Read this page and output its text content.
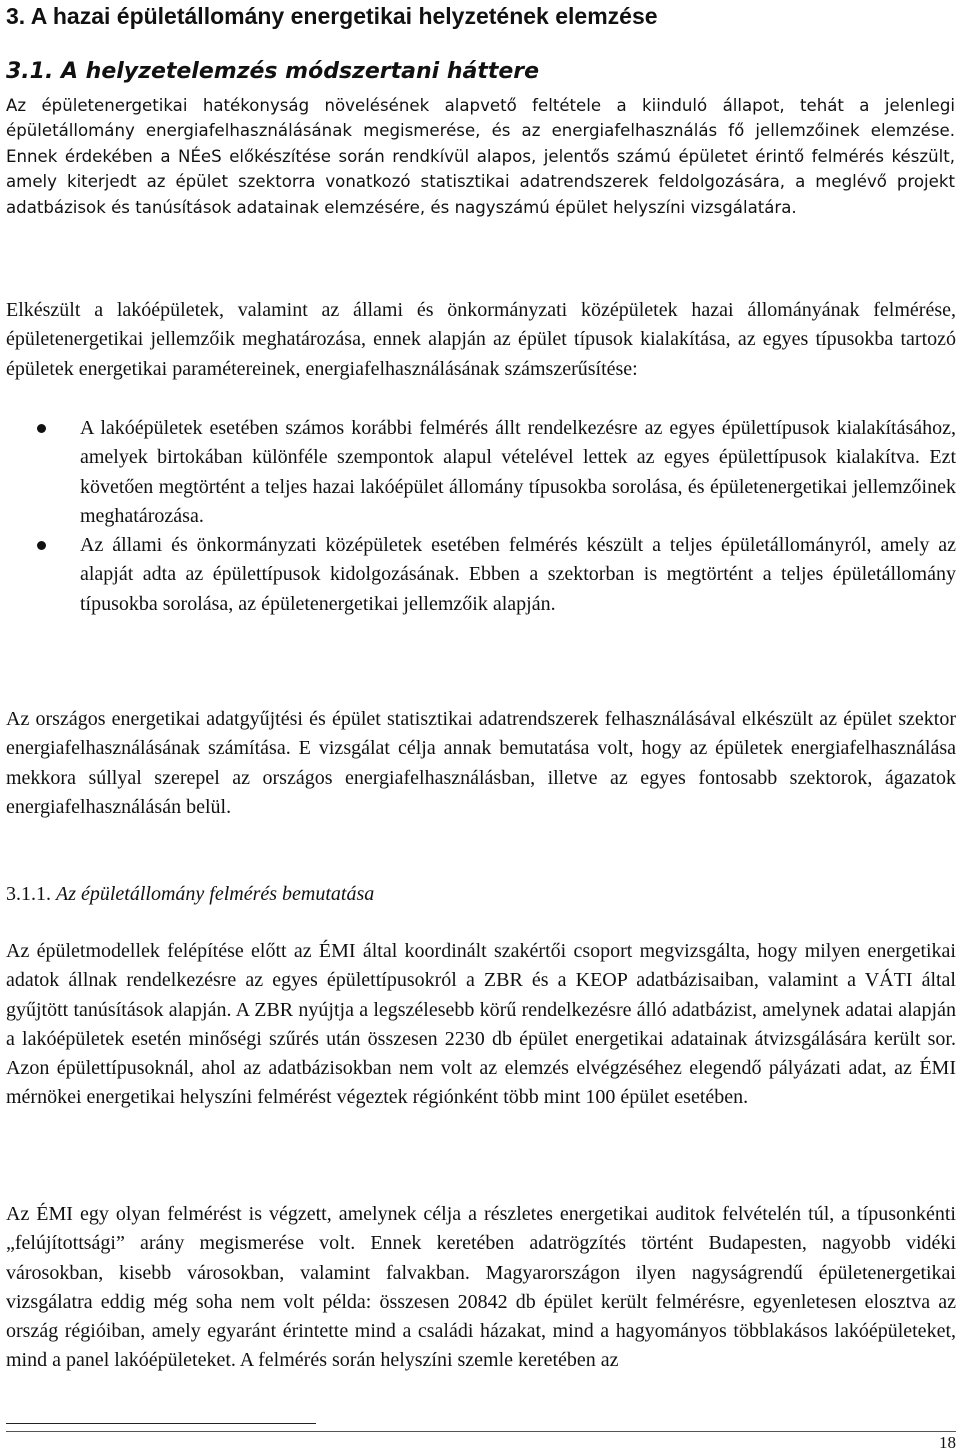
3. A hazai épületállomány energetikai helyzetének elemzése
3.1. A helyzetelemzés módszertani háttere

Az épületenergetikai hatékonyság növelésének alapvető feltétele a kiinduló állapot, tehát a jelenlegi épületállomány energiafelhasználásának megismerése, és az energiafelhasználás fő jellemzőinek elemzése. Ennek érdekében a NÉeS előkészítése során rendkívül alapos, jelentős számú épületet érintő felmérés készült, amely kiterjedt az épület szektorra vonatkozó statisztikai adatrendszerek feldolgozására, a meglévő projekt adatbázisok és tanúsítások adatainak elemzésére, és nagyszámú épület helyszíni vizsgálatára.

Elkészült a lakóépületek, valamint az állami és önkormányzati középületek hazai állományának felmérése, épületenergetikai jellemzőik meghatározása, ennek alapján az épület típusok kialakítása, az egyes típusokba tartozó épületek energetikai paramétereinek, energiafelhasználásának számszerűsítése:

A lakóépületek esetében számos korábbi felmérés állt rendelkezésre az egyes épülettípusok kialakításához, amelyek birtokában különféle szempontok alapul vételével lettek az egyes épülettípusok kialakítva. Ezt követően megtörtént a teljes hazai lakóépület állomány típusokba sorolása, és épületenergetikai jellemzőinek meghatározása.
Az állami és önkormányzati középületek esetében felmérés készült a teljes épületállományról, amely az alapját adta az épülettípusok kidolgozásának. Ebben a szektorban is megtörtént a teljes épületállomány típusokba sorolása, az épületenergetikai jellemzőik alapján.

Az országos energetikai adatgyűjtési és épület statisztikai adatrendszerek felhasználásával elkészült az épület szektor energiafelhasználásának számítása. E vizsgálat célja annak bemutatása volt, hogy az épületek energiafelhasználása mekkora súllyal szerepel az országos energiafelhasználásban, illetve az egyes fontosabb szektorok, ágazatok energiafelhasználásán belül.

3.1.1. Az épületállomány felmérés bemutatása

Az épületmodellek felépítése előtt az ÉMI által koordinált szakértői csoport megvizsgálta, hogy milyen energetikai adatok állnak rendelkezésre az egyes épülettípusokról a ZBR és a KEOP adatbázisaiban, valamint a VÁTI által gyűjtött tanúsítások alapján. A ZBR nyújtja a legszélesebb körű rendelkezésre álló adatbázist, amelynek adatai alapján a lakóépületek esetén minőségi szűrés után összesen 2230 db épület energetikai adatainak átvizsgálására került sor. Azon épülettípusoknál, ahol az adatbázisokban nem volt az elemzés elvégzéséhez elegendő pályázati adat, az ÉMI mérnökei energetikai helyszíni felmérést végeztek régiónként több mint 100 épület esetében.

Az ÉMI egy olyan felmérést is végzett, amelynek célja a részletes energetikai auditok felvételén túl, a típusonkénti „felújítottsági” arány megismerése volt. Ennek keretében adatrögzítés történt Budapesten, nagyobb vidéki városokban, kisebb városokban, valamint falvakban. Magyarországon ilyen nagyságrendű épületenergetikai vizsgálatra eddig még soha nem volt példa: összesen 20842 db épület került felmérésre, egyenletesen elosztva az ország régióiban, amely egyaránt érintette mind a családi házakat, mind a hagyományos többlakásos lakóépületeket, mind a panel lakóépületeket. A felmérés során helyszíni szemle keretében az

18
